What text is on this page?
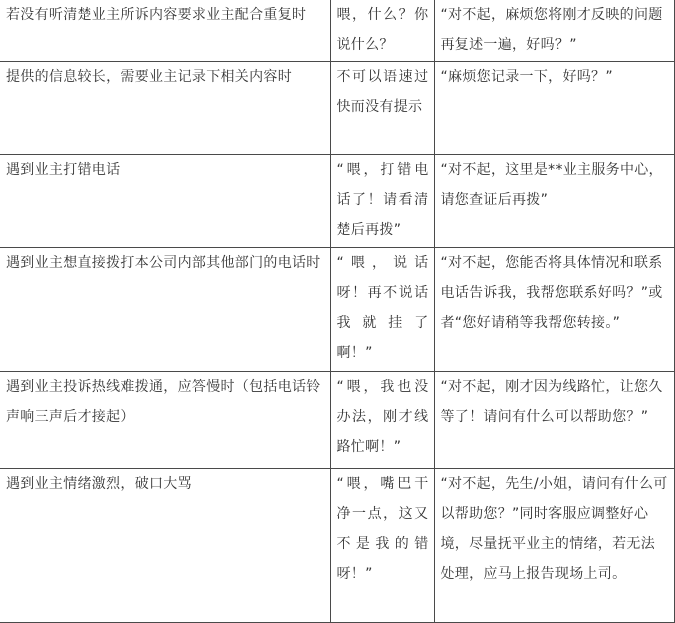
若没有听清楚业主所诉内容要求业主配合重复时	喂，什么？你说什么？	“对不起，麻烦您将刚才反映的问题再复述一遍，好吗？”
提供的信息较长，需要业主记录下相关内容时	不可以语速过快而没有提示	“麻烦您记录一下，好吗？”
遇到业主打错电话	“喂，打错电话了！请看清楚后再拨”	“对不起，这里是**业主服务中心，请您查证后再拨”
遇到业主想直接拨打本公司内部其他部门的电话时	“喂，说话呀！再不说话我就挂了啊！”	“对不起，您能否将具体情况和联系电话告诉我，我帮您联系好吗？”或者“您好请稍等我帮您转接。”
遇到业主投诉热线难拨通，应答慢时（包括电话铃声响三声后才接起）	“喂，我也没办法，刚才线路忙啊！”	“对不起，刚才因为线路忙，让您久等了！请问有什么可以帮助您？”
遇到业主情绪激烈，破口大骂	“喂，嘴巴干净一点，这又不是我的错呀！”	“对不起，先生/小姐，请问有什么可以帮助您？”同时客服应调整好心境，尽量抚平业主的情绪，若无法处理，应马上报告现场上司。
